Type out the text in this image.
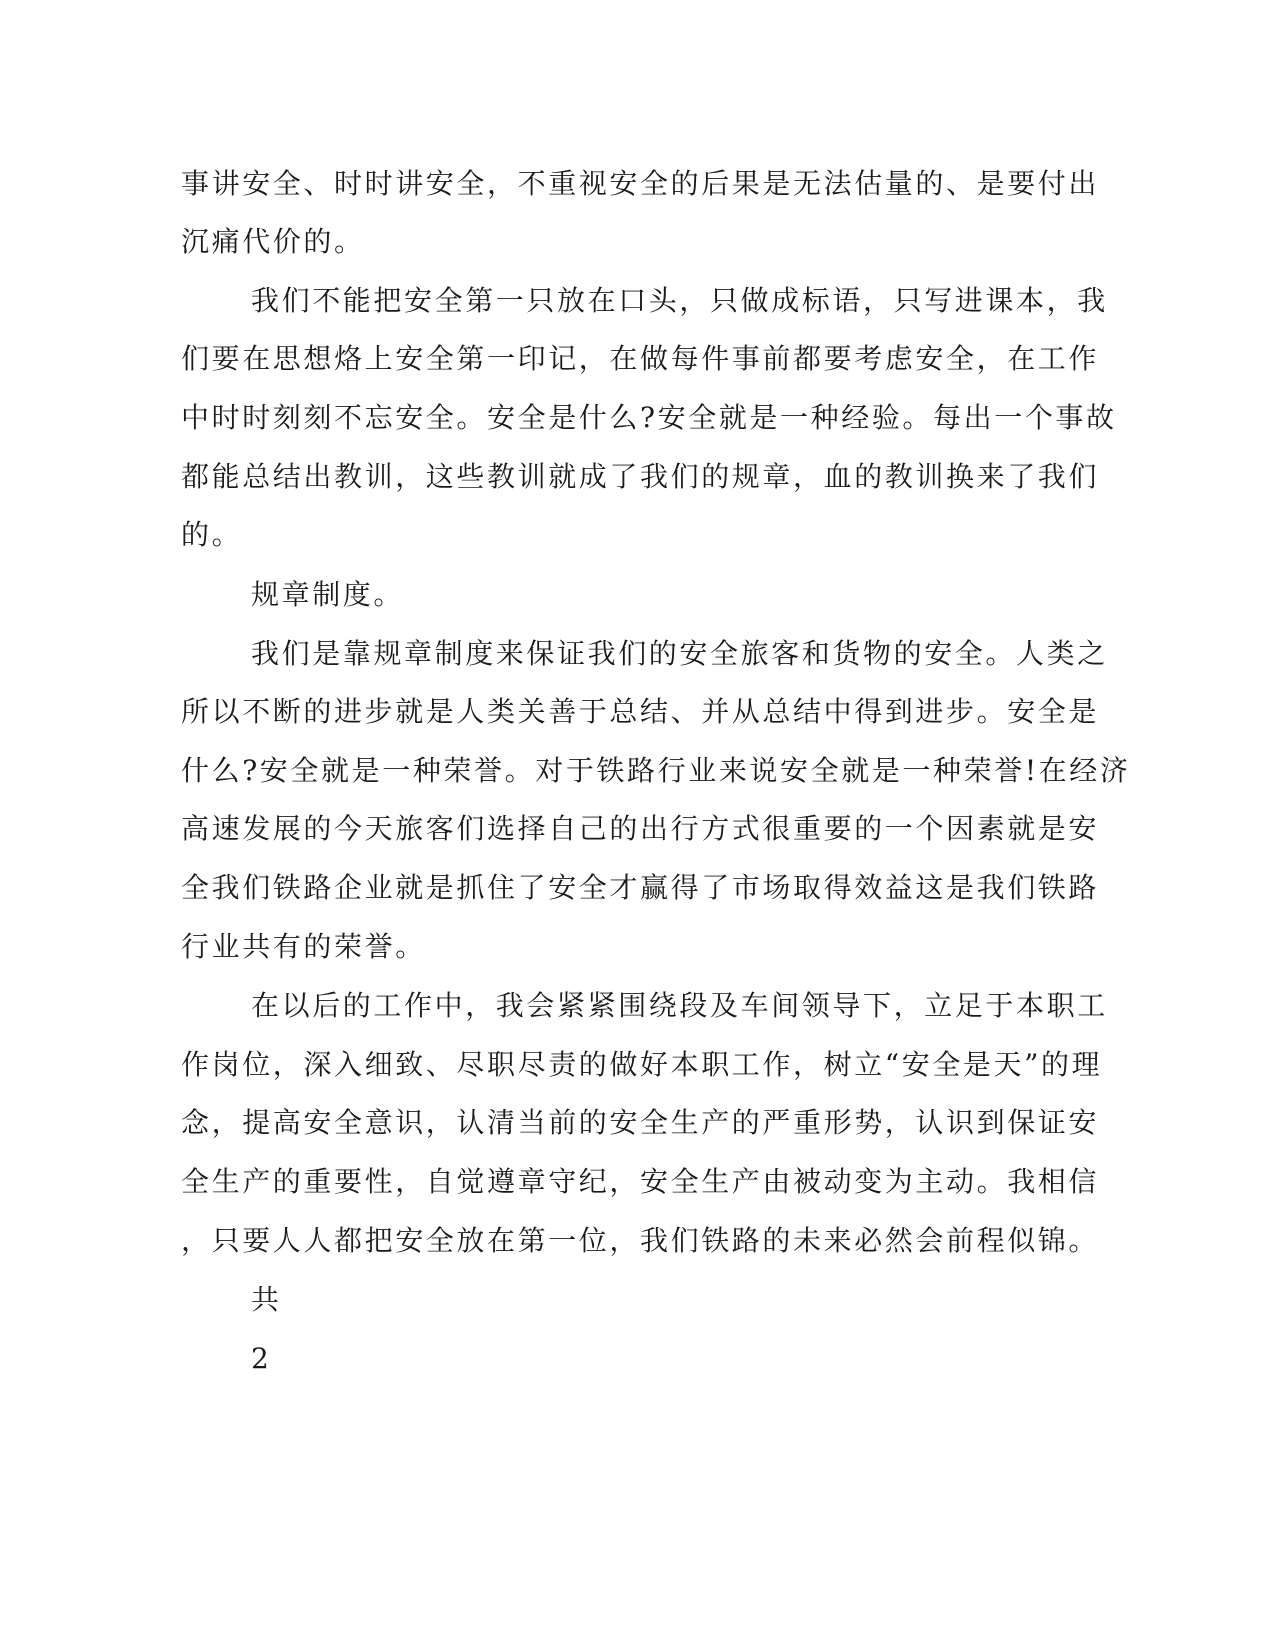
事讲安全、时时讲安全，不重视安全的后果是无法估量的、是要付出
沉痛代价的。
我们不能把安全第一只放在口头，只做成标语，只写进课本，我
们要在思想烙上安全第一印记，在做每件事前都要考虑安全，在工作
中时时刻刻不忘安全。安全是什么?安全就是一种经验。每出一个事故
都能总结出教训，这些教训就成了我们的规章，血的教训换来了我们
的。
规章制度。
我们是靠规章制度来保证我们的安全旅客和货物的安全。人类之
所以不断的进步就是人类关善于总结、并从总结中得到进步。安全是
什么?安全就是一种荣誉。对于铁路行业来说安全就是一种荣誉!在经济
高速发展的今天旅客们选择自己的出行方式很重要的一个因素就是安
全我们铁路企业就是抓住了安全才赢得了市场取得效益这是我们铁路
行业共有的荣誉。
在以后的工作中，我会紧紧围绕段及车间领导下，立足于本职工
作岗位，深入细致、尽职尽责的做好本职工作，树立“安全是天”的理
念，提高安全意识，认清当前的安全生产的严重形势，认识到保证安
全生产的重要性，自觉遵章守纪，安全生产由被动变为主动。我相信
，只要人人都把安全放在第一位，我们铁路的未来必然会前程似锦。
共
2
